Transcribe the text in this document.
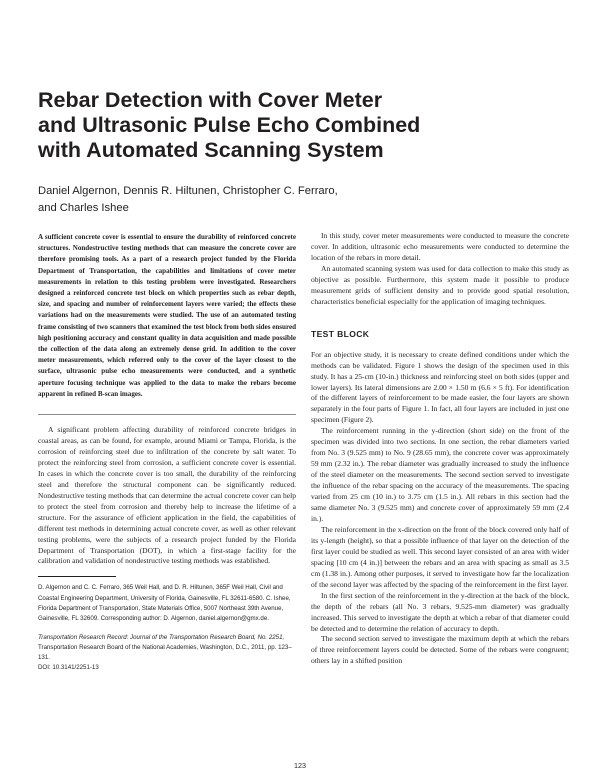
Rebar Detection with Cover Meter
and Ultrasonic Pulse Echo Combined
with Automated Scanning System
Daniel Algernon, Dennis R. Hiltunen, Christopher C. Ferraro,
and Charles Ishee

A sufficient concrete cover is essential to ensure the durability of reinforced concrete structures. Nondestructive testing methods that can measure the concrete cover are therefore promising tools. As a part of a research project funded by the Florida Department of Transportation, the capabilities and limitations of cover meter measurements in relation to this testing problem were investigated. Researchers designed a reinforced concrete test block on which properties such as rebar depth, size, and spacing and number of reinforcement layers were varied; the effects these variations had on the measurements were studied. The use of an automated testing frame consisting of two scanners that examined the test block from both sides ensured high positioning accuracy and constant quality in data acquisition and made possible the collection of the data along an extremely dense grid. In addition to the cover meter measurements, which referred only to the cover of the layer closest to the surface, ultrasonic pulse echo measurements were conducted, and a synthetic aperture focusing technique was applied to the data to make the rebars become apparent in refined B-scan images.

A significant problem affecting durability of reinforced concrete bridges in coastal areas, as can be found, for example, around Miami or Tampa, Florida, is the corrosion of reinforcing steel due to infiltration of the concrete by salt water. To protect the reinforcing steel from corrosion, a sufficient concrete cover is essential. In cases in which the concrete cover is too small, the durability of the reinforcing steel and therefore the structural component can be significantly reduced. Nondestructive testing methods that can determine the actual concrete cover can help to protect the steel from corrosion and thereby help to increase the lifetime of a structure. For the assurance of efficient application in the field, the capabilities of different test methods in determining actual concrete cover, as well as other relevant testing problems, were the subjects of a research project funded by the Florida Department of Transportation (DOT), in which a first-stage facility for the calibration and validation of nondestructive testing methods was established.

D. Algernon and C. C. Ferraro, 365 Weil Hall, and D. R. Hiltunen, 365F Weil Hall, Civil and Coastal Engineering Department, University of Florida, Gainesville, FL 32611-6580. C. Ishee, Florida Department of Transportation, State Materials Office, 5007 Northeast 39th Avenue, Gainesville, FL 32609. Corresponding author: D. Algernon, daniel.algernon@gmx.de.

Transportation Research Record: Journal of the Transportation Research Board, No. 2251, Transportation Research Board of the National Academies, Washington, D.C., 2011, pp. 123–131.

DOI: 10.3141/2251-13

In this study, cover meter measurements were conducted to measure the concrete cover. In addition, ultrasonic echo measurements were conducted to determine the location of the rebars in more detail.

An automated scanning system was used for data collection to make this study as objective as possible. Furthermore, this system made it possible to produce measurement grids of sufficient density and to provide good spatial resolution, characteristics beneficial especially for the application of imaging techniques.

TEST BLOCK

For an objective study, it is necessary to create defined conditions under which the methods can be validated. Figure 1 shows the design of the specimen used in this study. It has a 25-cm (10-in.) thickness and reinforcing steel on both sides (upper and lower layers). Its lateral dimensions are 2.00 × 1.50 m (6.6 × 5 ft). For identification of the different layers of reinforcement to be made easier, the four layers are shown separately in the four parts of Figure 1. In fact, all four layers are included in just one specimen (Figure 2).

The reinforcement running in the y-direction (short side) on the front of the specimen was divided into two sections. In one section, the rebar diameters varied from No. 3 (9.525 mm) to No. 9 (28.65 mm), the concrete cover was approximately 59 mm (2.32 in.). The rebar diameter was gradually increased to study the influence of the steel diameter on the measurements. The second section served to investigate the influence of the rebar spacing on the accuracy of the measurements. The spacing varied from 25 cm (10 in.) to 3.75 cm (1.5 in.). All rebars in this section had the same diameter No. 3 (9.525 mm) and concrete cover of approximately 59 mm (2.4 in.).

The reinforcement in the x-direction on the front of the block covered only half of its y-length (height), so that a possible influence of that layer on the detection of the first layer could be studied as well. This second layer consisted of an area with wider spacing [10 cm (4 in.)] between the rebars and an area with spacing as small as 3.5 cm (1.38 in.). Among other purposes, it served to investigate how far the localization of the second layer was affected by the spacing of the reinforcement in the first layer.

In the first section of the reinforcement in the y-direction at the back of the block, the depth of the rebars (all No. 3 rebars, 9.525-mm diameter) was gradually increased. This served to investigate the depth at which a rebar of that diameter could be detected and to determine the relation of accuracy to depth.

The second section served to investigate the maximum depth at which the rebars of three reinforcement layers could be detected. Some of the rebars were congruent; others lay in a shifted position

123
